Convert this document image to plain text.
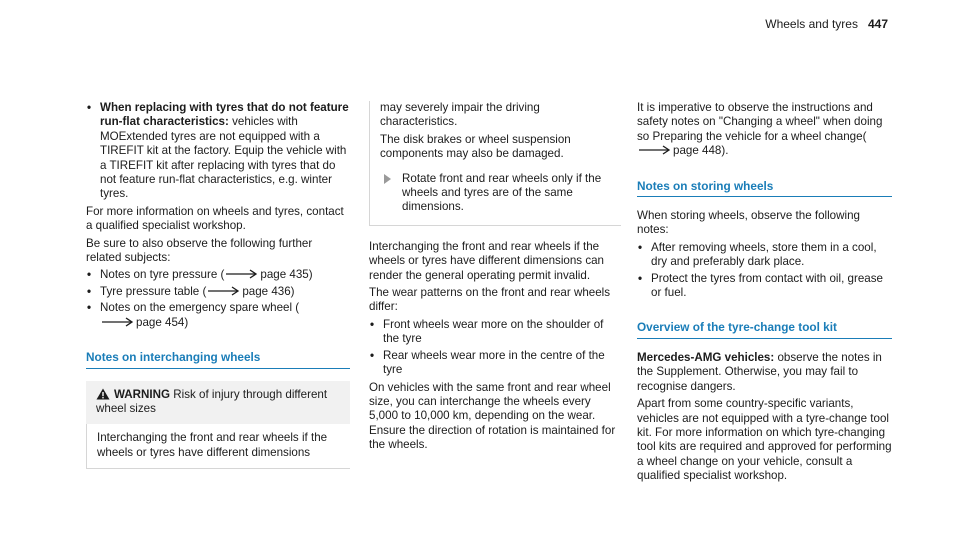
Wheels and tyres 447
• When replacing with tyres that do not feature run-flat characteristics: vehicles with MOExtended tyres are not equipped with a TIREFIT kit at the factory. Equip the vehicle with a TIREFIT kit after replacing with tyres that do not feature run-flat characteristics, e.g. winter tyres.

For more information on wheels and tyres, contact a qualified specialist workshop.

Be sure to also observe the following further related subjects:

• Notes on tyre pressure (	page 435)
• Tyre pressure table (	page 436)
• Notes on the emergency spare wheel (
page 454)
Notes on interchanging wheels
WARNING Risk of injury through different wheel sizes

Interchanging the front and rear wheels if the wheels or tyres have different dimensions

may severely impair the driving characteristics.

The disk brakes or wheel suspension components may also be damaged.

Rotate front and rear wheels only if the wheels and tyres are of the same dimensions.

Interchanging the front and rear wheels if the wheels or tyres have different dimensions can render the general operating permit invalid.

The wear patterns on the front and rear wheels differ:

• Front wheels wear more on the shoulder of the tyre
• Rear wheels wear more in the centre of the tyre

On vehicles with the same front and rear wheel size, you can interchange the wheels every 5,000 to 10,000 km, depending on the wear. Ensure the direction of rotation is maintained for the wheels.

It is imperative to observe the instructions and safety notes on "Changing a wheel" when doing so Preparing the vehicle for a wheel change(page 448).

Notes on storing wheels

When storing wheels, observe the following notes:

• After removing wheels, store them in a cool, dry and preferably dark place.
• Protect the tyres from contact with oil, grease or fuel.
Overview of the tyre-change tool kit

Mercedes-AMG vehicles: observe the notes in the Supplement. Otherwise, you may fail to recognise dangers.

Apart from some country-specific variants, vehicles are not equipped with a tyre-change tool kit. For more information on which tyre-changing tool kits are required and approved for performing a wheel change on your vehicle, consult a qualified specialist workshop.
